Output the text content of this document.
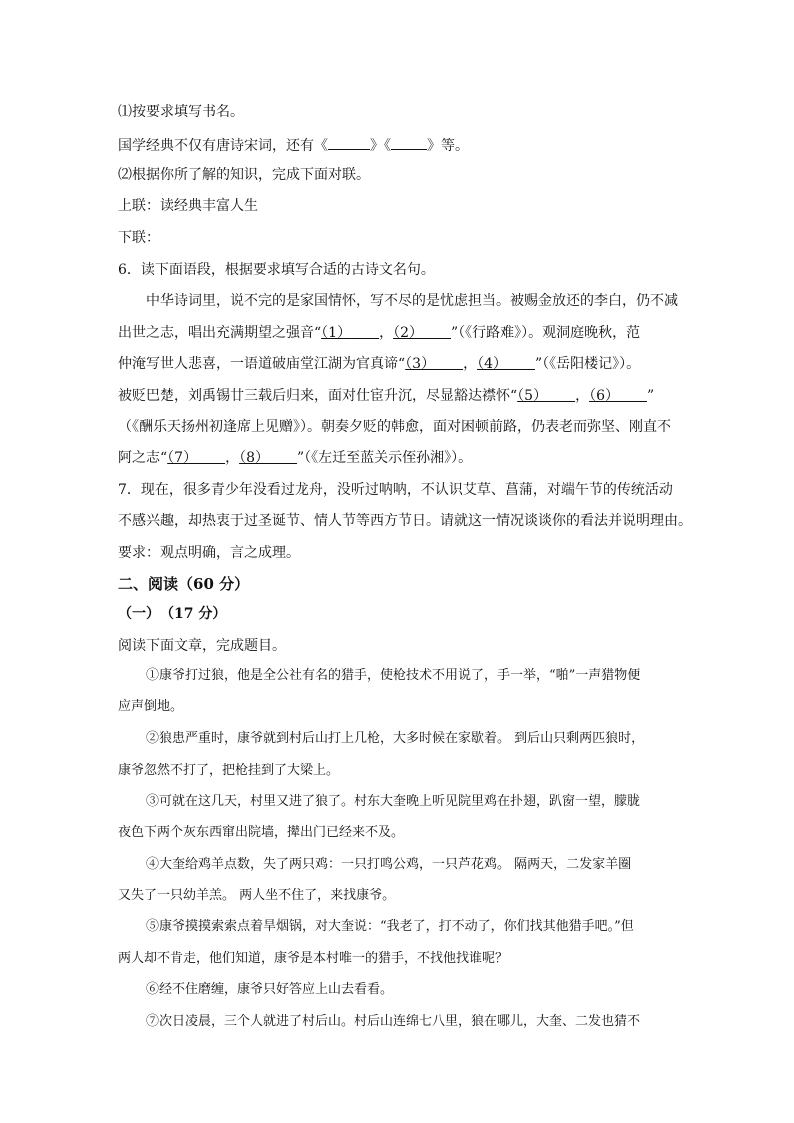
⑴按要求填写书名。
国学经典不仅有唐诗宋词，还有《	》《	》等。
⑵根据你所了解的知识，完成下面对联。
上联：读经典丰富人生
下联：
6．读下面语段，根据要求填写合适的古诗文名句。
中华诗词里，说不完的是家国情怀，写不尽的是忧虑担当。被赐金放还的李白，仍不减
出世之志，唱出充满期望之强音“（1）   ，（2）   ”（《行路难》）。观洞庭晚秋，范
仲淹写世人悲喜，一语道破庙堂江湖为官真谛“（3）   ，（4）   ”（《岳阳楼记》）。
被贬巴楚，刘禹锡廿三载后归来，面对仕宦升沉，尽显豁达襟怀“（5）   ，（6）   ”
（《酬乐天扬州初逢席上见赠》）。朝奏夕贬的韩愈，面对困顿前路，仍表老而弥坚、刚直不
阿之志“（7）   ，（8）   ”（《左迁至蓝关示侄孙湘》）。
7．现在，很多青少年没看过龙舟，没听过呐呐，不认识艾草、菖蒲，对端午节的传统活动
不感兴趣，却热衷于过圣诞节、情人节等西方节日。请就这一情况谈谈你的看法并说明理由。
要求：观点明确，言之成理。
二、阅读（60 分）
（一）　（17 分）
阅读下面文章，完成题目。
①康爷打过狼，他是全公社有名的猎手，使枪技术不用说了，手一举，“啪”一声猎物便
应声倒地。
②狼患严重时，康爷就到村后山打上几枪，大多时候在家歇着。 到后山只剩两匹狼时，
康爷忽然不打了，把枪挂到了大梁上。
③可就在这几天，村里又进了狼了。村东大奎晚上听见院里鸡在扑翅，趴窗一望，朦胧
夜色下两个灰东西窜出院墙，撵出门已经来不及。
④大奎给鸡羊点数，失了两只鸡：一只打鸣公鸡，一只芦花鸡。 隔两天，二发家羊圈
又失了一只幼羊羔。 两人坐不住了，来找康爷。
⑤康爷摸摸索索点着旱烟锅，对大奎说：“我老了，打不动了，你们找其他猎手吧。”但
两人却不肯走，他们知道，康爷是本村唯一的猎手，不找他找谁呢？
⑥经不住磨缠，康爷只好答应上山去看看。
⑦次日凌晨，三个人就进了村后山。村后山连绵七八里，狼在哪儿，大奎、二发也猜不
